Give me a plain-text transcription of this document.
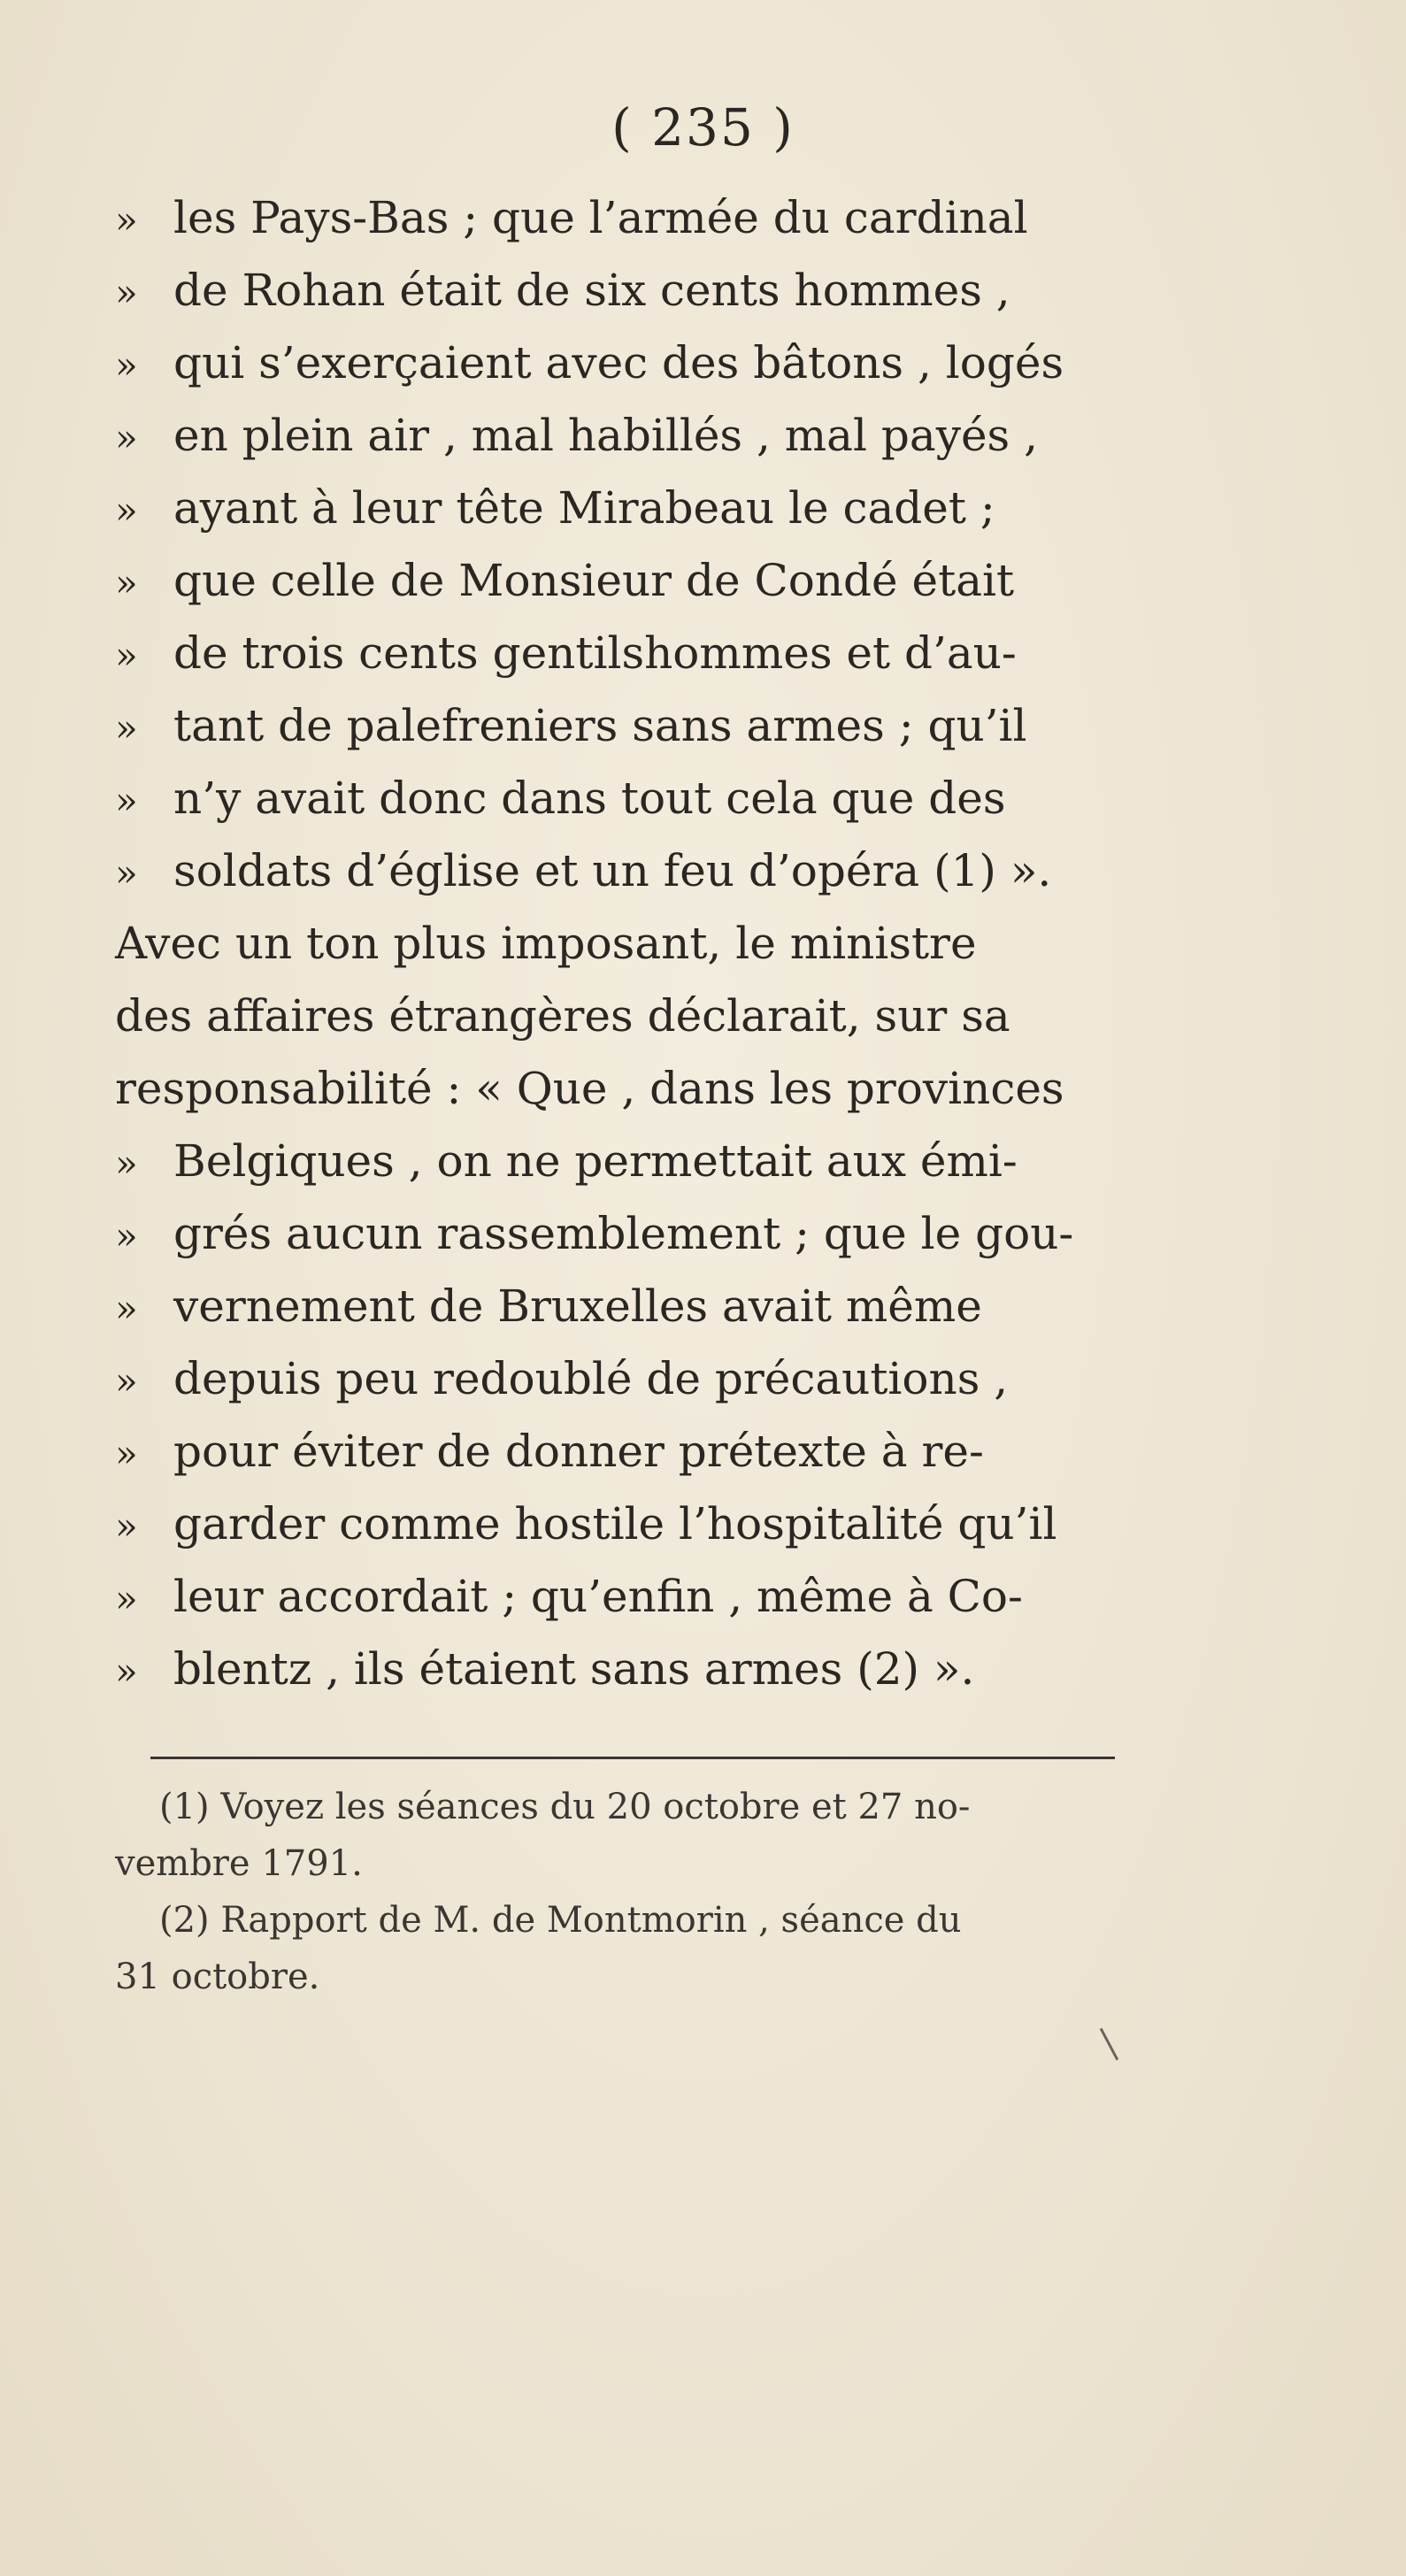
( 235 )
» les Pays-Bas ; que l’armée du cardinal
» de Rohan était de six cents hommes ,
» qui s’exerçaient avec des bâtons , logés
» en plein air , mal habillés , mal payés ,
» ayant à leur tête Mirabeau le cadet ;
» que celle de Monsieur de Condé était
» de trois cents gentilshommes et d’au-
» tant de palefreniers sans armes ; qu’il
» n’y avait donc dans tout cela que des
» soldats d’église et un feu d’opéra (1) ».
Avec un ton plus imposant, le ministre
des affaires étrangères déclarait, sur sa
responsabilité : « Que , dans les provinces
» Belgiques , on ne permettait aux émi-
» grés aucun rassemblement ; que le gou-
» vernement de Bruxelles avait même
» depuis peu redoublé de précautions ,
» pour éviter de donner prétexte à re-
» garder comme hostile l’hospitalité qu’il
» leur accordait ; qu’enfin , même à Co-
» blentz , ils étaient sans armes (2) ».
(1) Voyez les séances du 20 octobre et 27 no-
vembre 1791.
(2) Rapport de M. de Montmorin , séance du
31 octobre.
